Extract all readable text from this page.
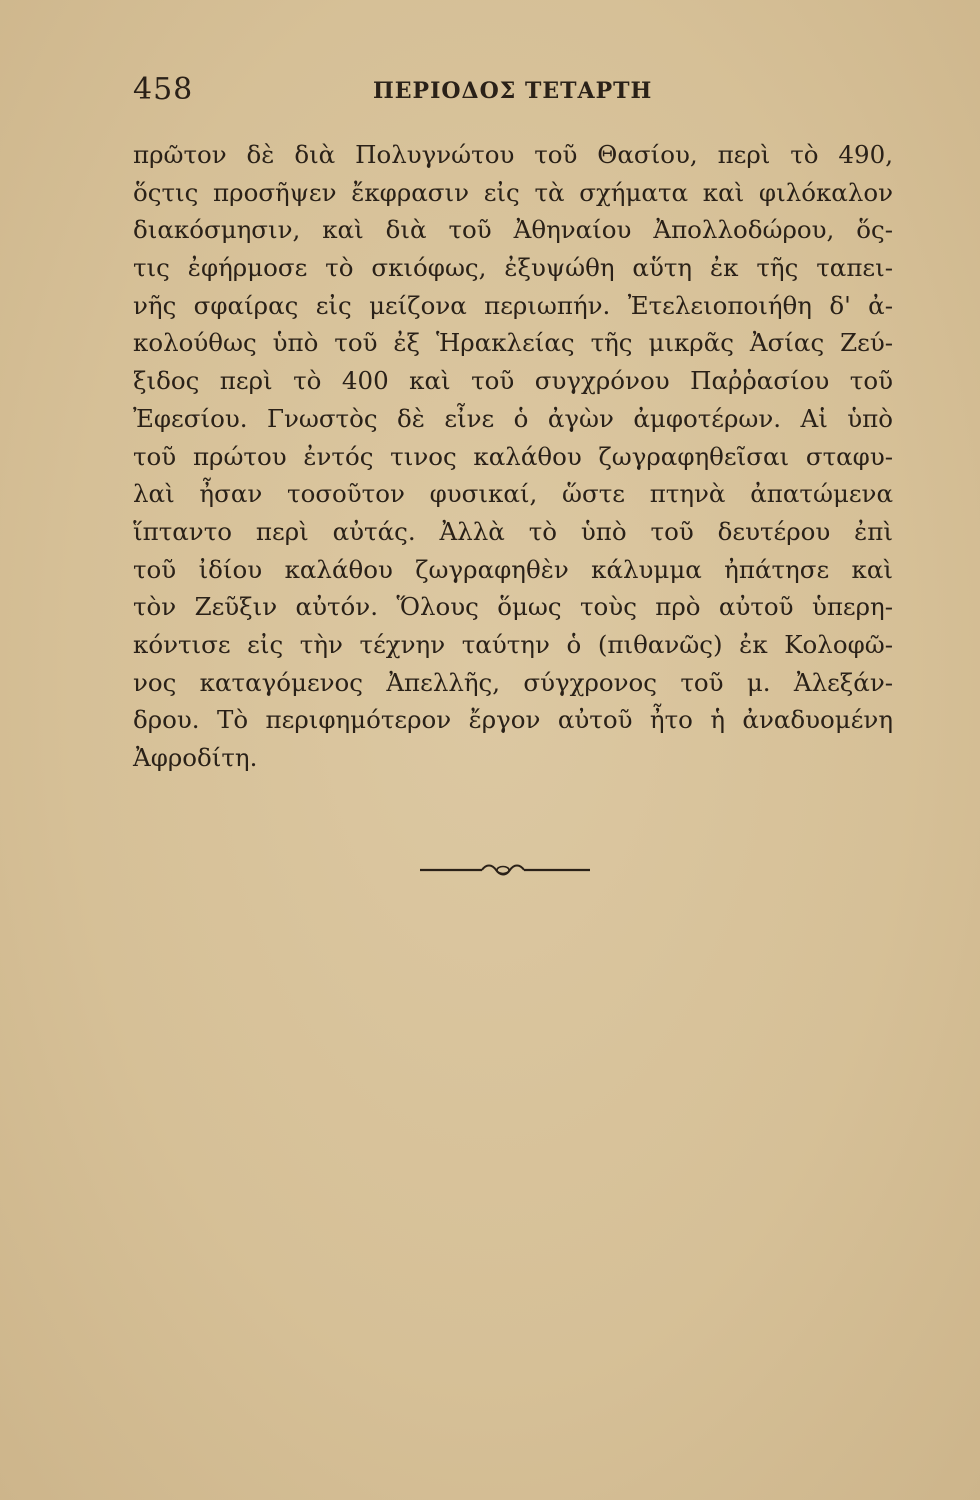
458	ΠΕΡΙΟΔΟΣ ΤΕΤΑΡΤΗ
πρῶτον δὲ διὰ Πολυγνώτου τοῦ Θασίου, περὶ τὸ 490,
ὅςτις προσῆψεν ἔκφρασιν εἰς τὰ σχήματα καὶ φιλόκαλον
διακόσμησιν, καὶ διὰ τοῦ Ἀθηναίου Ἀπολλοδώρου, ὅς-
τις ἐφήρμοσε τὸ σκιόφως, ἐξυψώθη αὕτη ἐκ τῆς ταπει-
νῆς σφαίρας εἰς μείζονα περιωπήν. Ἐτελειοποιήθη δ' ἀ-
κολούθως ὑπὸ τοῦ ἐξ Ἡρακλείας τῆς μικρᾶς Ἀσίας Ζεύ-
ξιδος περὶ τὸ 400 καὶ τοῦ συγχρόνου Παῤῥασίου τοῦ
Ἐφεσίου. Γνωστὸς δὲ εἶνε ὁ ἀγὼν ἀμφοτέρων. Αἱ ὑπὸ
τοῦ πρώτου ἐντός τινος καλάθου ζωγραφηθεῖσαι σταφυ-
λαὶ ἦσαν τοσοῦτον φυσικαί, ὥστε πτηνὰ ἀπατώμενα
ἵπταντο περὶ αὐτάς. Ἀλλὰ τὸ ὑπὸ τοῦ δευτέρου ἐπὶ
τοῦ ἰδίου καλάθου ζωγραφηθὲν κάλυμμα ἠπάτησε καὶ
τὸν Ζεῦξιν αὐτόν. Ὅλους ὅμως τοὺς πρὸ αὐτοῦ ὑπερη-
κόντισε εἰς τὴν τέχνην ταύτην ὁ (πιθανῶς) ἐκ Κολοφῶ-
νος καταγόμενος Ἀπελλῆς, σύγχρονος τοῦ μ. Ἀλεξάν-
δρου. Τὸ περιφημότερον ἔργον αὐτοῦ ἦτο ἡ ἀναδυομένη
Ἀφροδίτη.
